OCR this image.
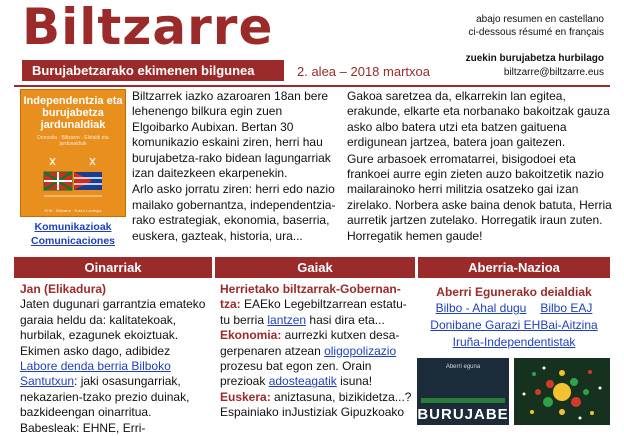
Biltzarre
Burujabetzarako ekimenen bilgunea	2. alea – 2018 martxoa
abajo resumen en castellano
ci-dessous résumé en français
zuekin burujabetza hurbilago
biltzarre@biltzarre.eus
Independentzia eta burujabetza jardunaldiak
Donostia · Biltzarre · Ekitaldi eta jardunaldiak
EHK · Biltzarre · Kultur Lantegia
Komunikazioak
Comunicaciones

Biltzarrek iazko azaroaren 18an bere lehenengo bilkura egin zuen Elgoibarko Aubixan. Bertan 30 komunikazio eskaini ziren, herri hau burujabetza-rako bidean lagungarriak izan daitezkeen ekarpenekin.

Arlo asko jorratu ziren: herri edo nazio mailako gobernantza, independentzia-rako estrategiak, ekonomia, baserria, euskera, gazteak, historia, ura...

Gakoa saretzea da, elkarrekin lan egitea, erakunde, elkarte eta norbanako bakoitzak gauza asko albo batera utzi eta batzen gaituena erdigunean jartzea, batera joan gaitezen.

Gure arbasoek erromatarrei, bisigodoei eta frankoei aurre egin zieten auzo bakoitzetik nazio mailarainoko herri militzia osatzeko gai izan zirelako. Norbera aske baina denok batuta, Herria aurretik jartzen zutelako. Horregatik iraun zuten. Horregatik hemen gaude!

Oinarriak	Gaiak	Aberria-Nazioa
Jan (Elikadura)
Jaten dugunari garrantzia emateko garaia heldu da: kalitatekoak, hurbilak, ezagunek ekoiztuak. Ekimen asko dago, adibidez Labore denda berria Bilboko Santutxun: jaki osasungarriak, nekazarien-tzako prezio duinak, bazkideengan oinarritua. Babesleak: EHNE, Erri-
Herrietako biltzarrak-Gobernan-tza: EAEko Legebiltzarrean estatu-tu berria lantzen hasi dira eta...
Ekonomia: aurrezki kutxen desa-gerpenaren atzean oligopolizazio prozesu bat egon zen. Orain prezioak adosteagatik isuna!
Euskera: aniztasuna, bizikidetza...? Espainiako inJustiziak Gipuzkoako
Aberri Egunerako deialdiak
Bilbo - Ahal dugu Bilbo EAJ
Donibane Garazi EHBai-Aitzina
Iruña-Independentistak
Aberri eguna
BURUJABE
